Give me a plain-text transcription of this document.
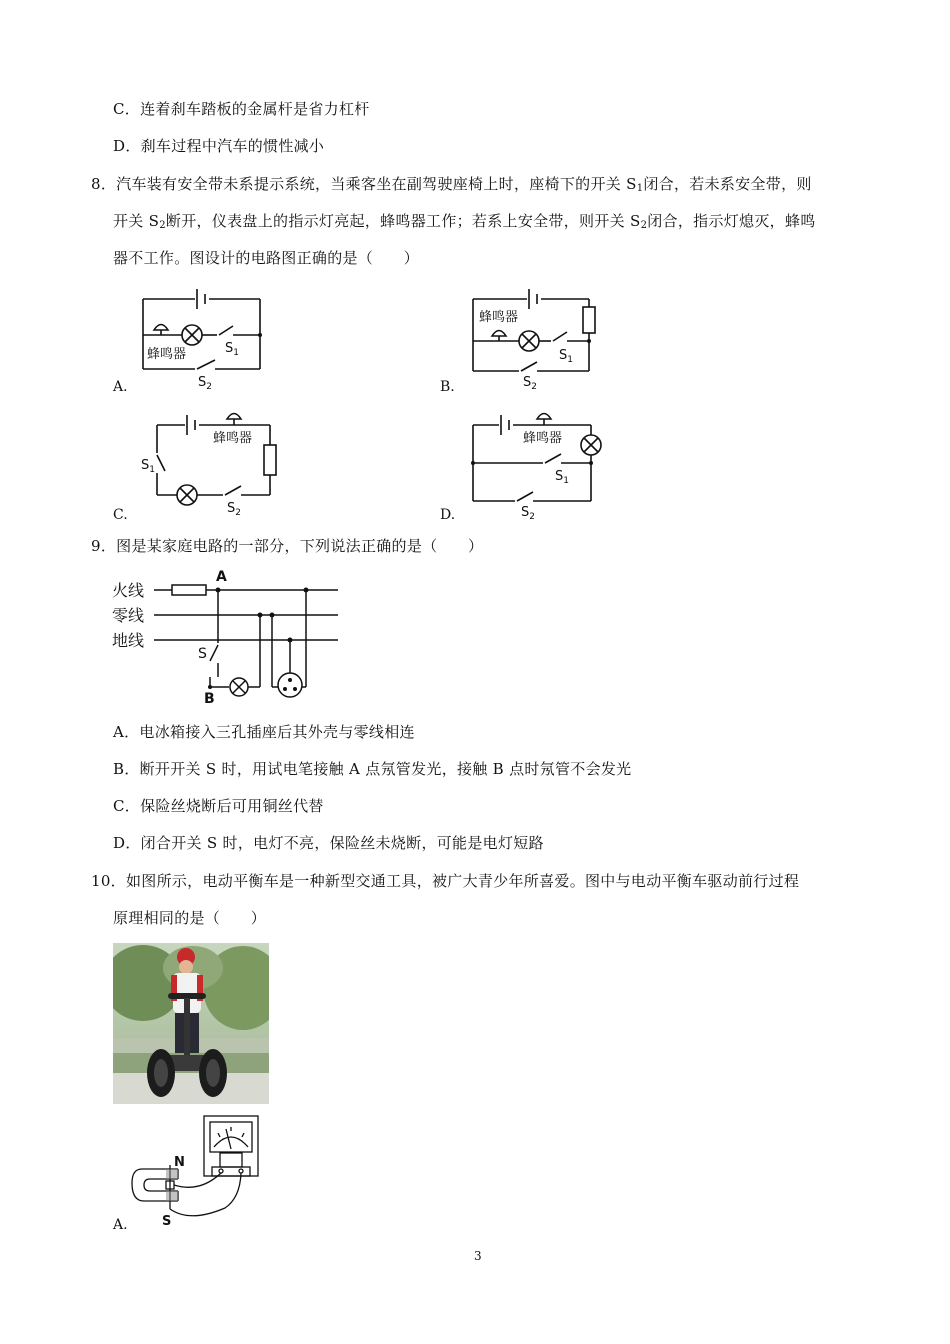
C．连着刹车踏板的金属杆是省力杠杆
D．刹车过程中汽车的惯性减小
8．汽车装有安全带未系提示系统，当乘客坐在副驾驶座椅上时，座椅下的开关 $S_1$闭合，若未系安全带，则
开关 $S_2$断开，仪表盘上的指示灯亮起，蜂鸣器工作；若系上安全带，则开关 $S_2$闭合，指示灯熄灭，蜂鸣
器不工作。图设计的电路图正确的是（　　）
蜂鸣器	$S_1$
$S_2$
A.
蜂鸣器
$S_1$
$S_2$
B.
蜂鸣器
$S_1$
$S_2$
C.
蜂鸣器
$S_1$
$S_2$
D.
9．图是某家庭电路的一部分，下列说法正确的是（　　）
火线
零线
地线
A
B
S
A．电冰箱接入三孔插座后其外壳与零线相连
B．断开开关 S 时，用试电笔接触 A 点氖管发光，接触 B 点时氖管不会发光
C．保险丝烧断后可用铜丝代替
D．闭合开关 S 时，电灯不亮，保险丝未烧断，可能是电灯短路
10．如图所示，电动平衡车是一种新型交通工具，被广大青少年所喜爱。图中与电动平衡车驱动前行过程
原理相同的是（　　）
N
S
A.
3
